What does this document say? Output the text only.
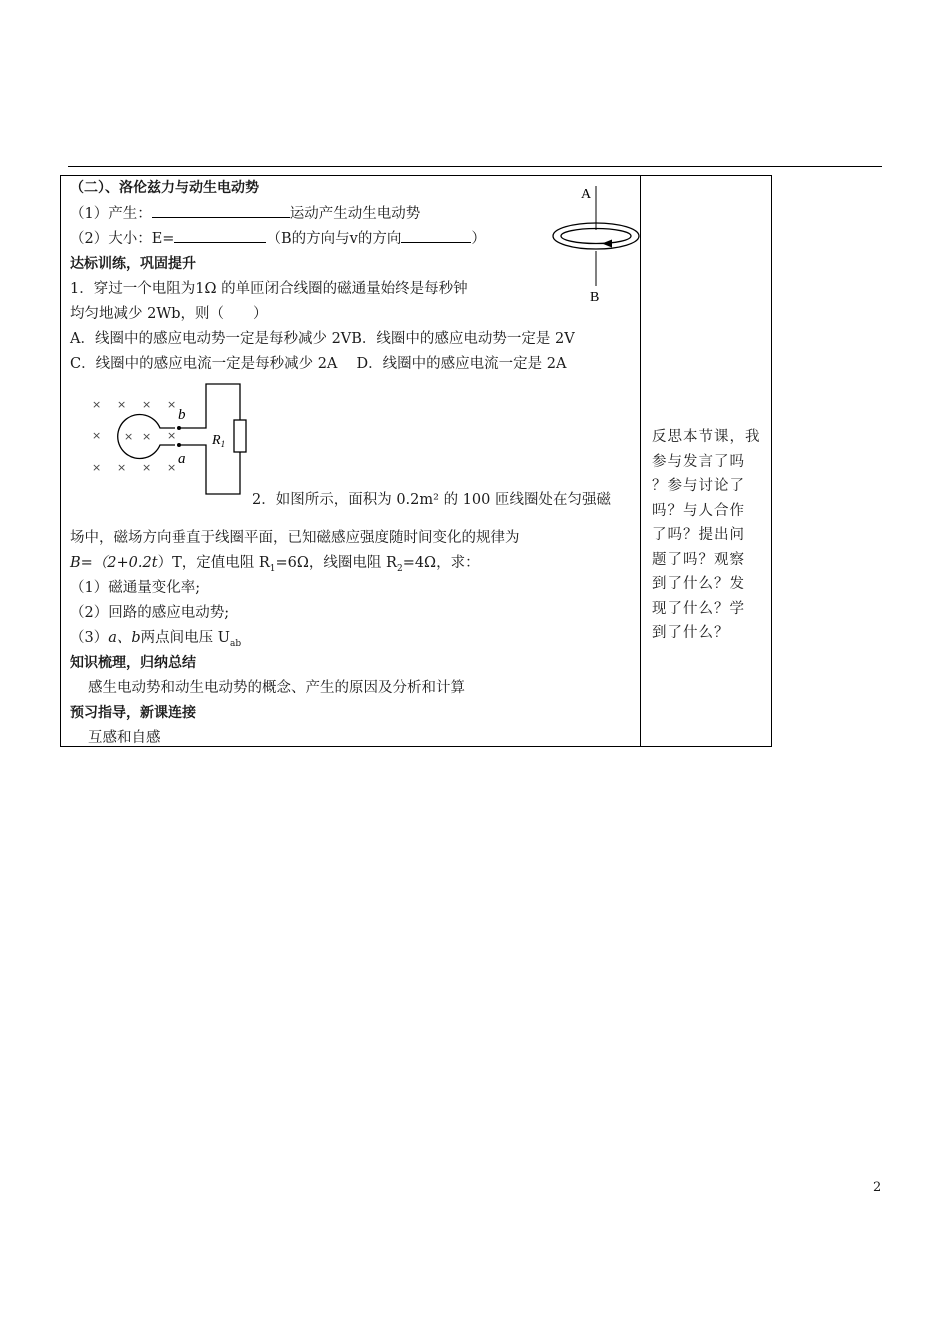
（二）、洛伦兹力与动生电动势
（1）产生：	运动产生动生电动势
（2）大小：E=	（B的方向与v的方向	）
A
B
达标训练，巩固提升
1．穿过一个电阻为1Ω 的单匝闭合线圈的磁通量始终是每秒钟
均匀地减少 2Wb，则（　　）
A．线圈中的感应电动势一定是每秒减少 2VB．线圈中的感应电动势一定是 2V
C．线圈中的感应电流一定是每秒减少 2A　 D．线圈中的感应电流一定是 2A
× × × ×
×	×
× × × ×
× ×
b
a
$R_1$
2．如图所示，面积为 0.2m² 的 100 匝线圈处在匀强磁
场中，磁场方向垂直于线圈平面，已知磁感应强度随时间变化的规律为
B=（2+0.2t）T，定值电阻 $R_1=6\Omega$，线圈电阻 $R_2=4\Omega$，求：
（1）磁通量变化率;
（2）回路的感应电动势;
（3）a、b两点间电压 $U_{ab}$
知识梳理，归纳总结
感生电动势和动生电动势的概念、产生的原因及分析和计算
预习指导，新课连接
互感和自感
反思本节课，我
参与发言了吗
？参与讨论了
吗？与人合作
了吗？提出问
题了吗？观察
到了什么？发
现了什么？学
到了什么？
2
